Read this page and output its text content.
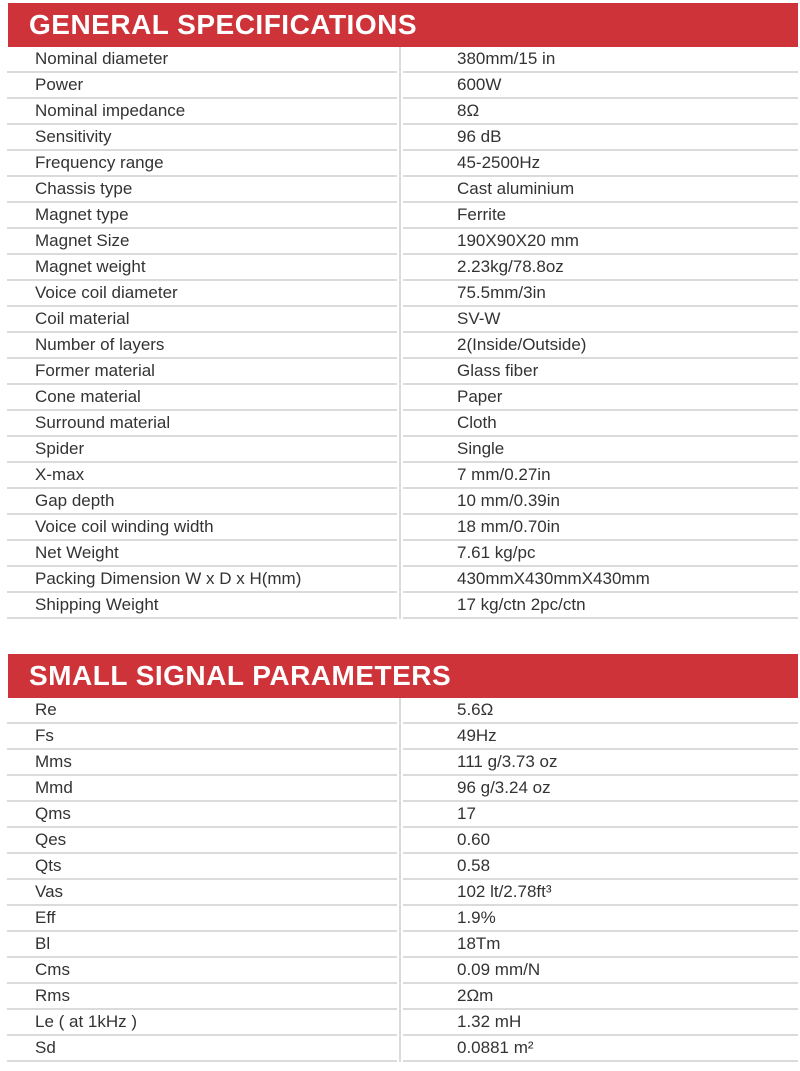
GENERAL SPECIFICATIONS
Nominal diameter	380mm/15 in
Power	600W
Nominal impedance	8Ω
Sensitivity	96 dB
Frequency range	45-2500Hz
Chassis type	Cast aluminium
Magnet type	Ferrite
Magnet Size	190X90X20 mm
Magnet weight	2.23kg/78.8oz
Voice coil diameter	75.5mm/3in
Coil material	SV-W
Number of layers	2(Inside/Outside)
Former material	Glass fiber
Cone material	Paper
Surround material	Cloth
Spider	Single
X-max	7 mm/0.27in
Gap depth	10 mm/0.39in
Voice coil winding width	18 mm/0.70in
Net Weight	7.61 kg/pc
Packing Dimension W x D x H(mm)	430mmX430mmX430mm
Shipping Weight	17 kg/ctn 2pc/ctn
SMALL SIGNAL PARAMETERS
Re	5.6Ω
Fs	49Hz
Mms	111 g/3.73 oz
Mmd	96 g/3.24 oz
Qms	17
Qes	0.60
Qts	0.58
Vas	102 lt/2.78ft³
Eff	1.9%
Bl	18Tm
Cms	0.09 mm/N
Rms	2Ωm
Le ( at 1kHz )	1.32 mH
Sd	0.0881 m²
